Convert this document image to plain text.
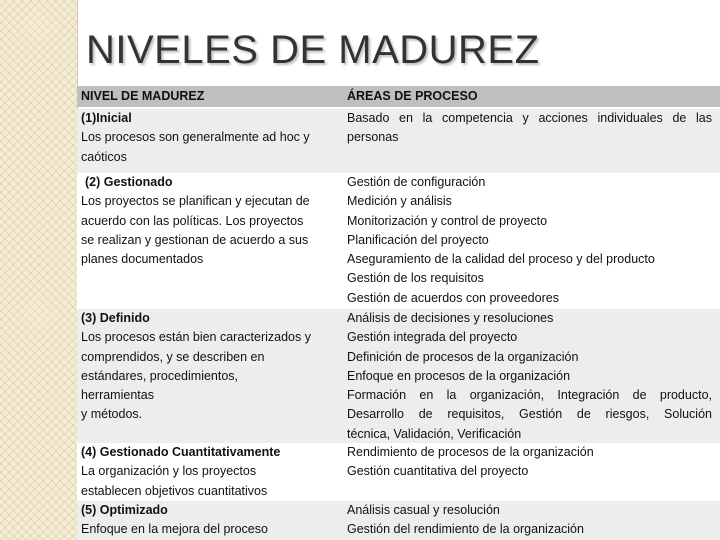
NIVELES DE MADUREZ
NIVEL DE MADUREZ	ÁREAS DE PROCESO
(1)Inicial
Los procesos son generalmente ad hoc y
caóticos
Basado en la competencia y acciones individuales de las
personas
(2) Gestionado
Los proyectos se planifican y ejecutan de
acuerdo con las políticas. Los proyectos
se realizan y gestionan de acuerdo a sus
planes documentados
Gestión de configuración
Medición y análisis
Monitorización y control de proyecto
Planificación del proyecto
Aseguramiento de la calidad del proceso y del producto
Gestión de los requisitos
Gestión de acuerdos con proveedores
(3) Definido
Los procesos están bien caracterizados y
comprendidos, y se describen en
estándares, procedimientos,
herramientas
y métodos.
Análisis de decisiones y resoluciones
Gestión integrada del proyecto
Definición de procesos de la organización
Enfoque en procesos de la organización
Formación en la organización, Integración de producto,
Desarrollo de requisitos, Gestión de riesgos, Solución
técnica, Validación, Verificación
(4) Gestionado Cuantitativamente
La organización y los proyectos
establecen objetivos cuantitativos
Rendimiento de procesos de la organización
Gestión cuantitativa del proyecto
(5) Optimizado
Enfoque en la mejora del proceso
Análisis casual y resolución
Gestión del rendimiento de la organización
